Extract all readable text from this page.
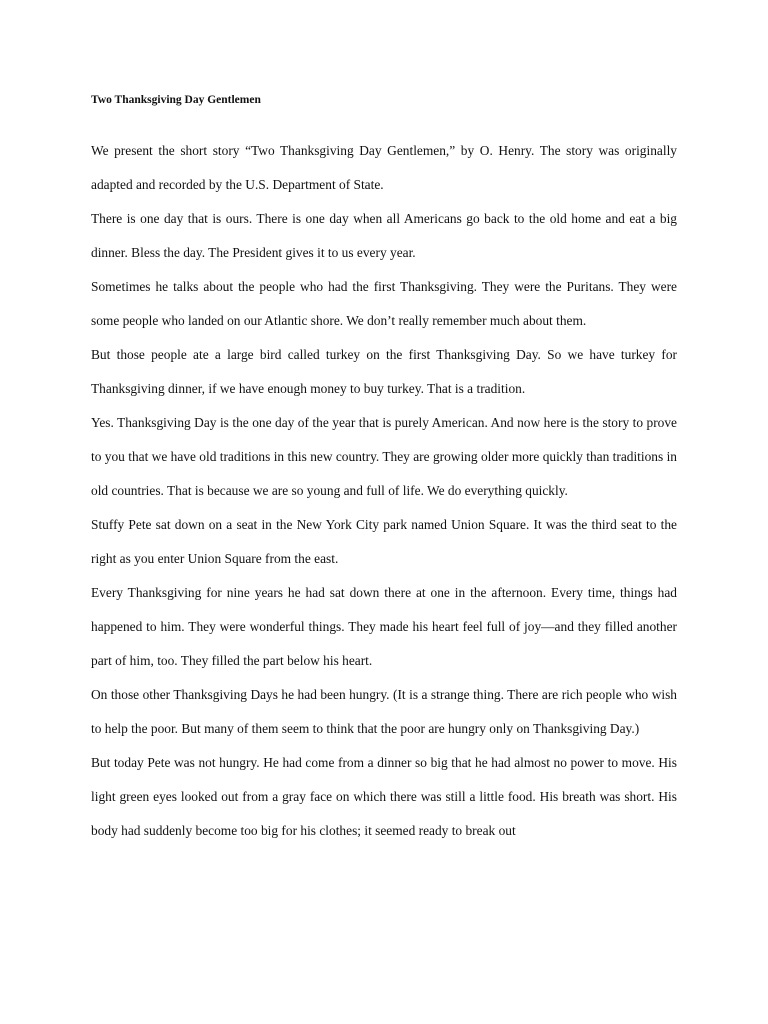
Two Thanksgiving Day Gentlemen

We present the short story “Two Thanksgiving Day Gentlemen,” by O. Henry. The story was originally adapted and recorded by the U.S. Department of State.

There is one day that is ours. There is one day when all Americans go back to the old home and eat a big dinner. Bless the day. The President gives it to us every year.

Sometimes he talks about the people who had the first Thanksgiving. They were the Puritans. They were some people who landed on our Atlantic shore. We don’t really remember much about them.

But those people ate a large bird called turkey on the first Thanksgiving Day. So we have turkey for Thanksgiving dinner, if we have enough money to buy turkey. That is a tradition.

Yes. Thanksgiving Day is the one day of the year that is purely American. And now here is the story to prove to you that we have old traditions in this new country. They are growing older more quickly than traditions in old countries. That is because we are so young and full of life. We do everything quickly.

Stuffy Pete sat down on a seat in the New York City park named Union Square. It was the third seat to the right as you enter Union Square from the east.

Every Thanksgiving for nine years he had sat down there at one in the afternoon. Every time, things had happened to him. They were wonderful things. They made his heart feel full of joy—and they filled another part of him, too. They filled the part below his heart.

On those other Thanksgiving Days he had been hungry. (It is a strange thing. There are rich people who wish to help the poor. But many of them seem to think that the poor are hungry only on Thanksgiving Day.)

But today Pete was not hungry. He had come from a dinner so big that he had almost no power to move. His light green eyes looked out from a gray face on which there was still a little food. His breath was short. His body had suddenly become too big for his clothes; it seemed ready to break out
